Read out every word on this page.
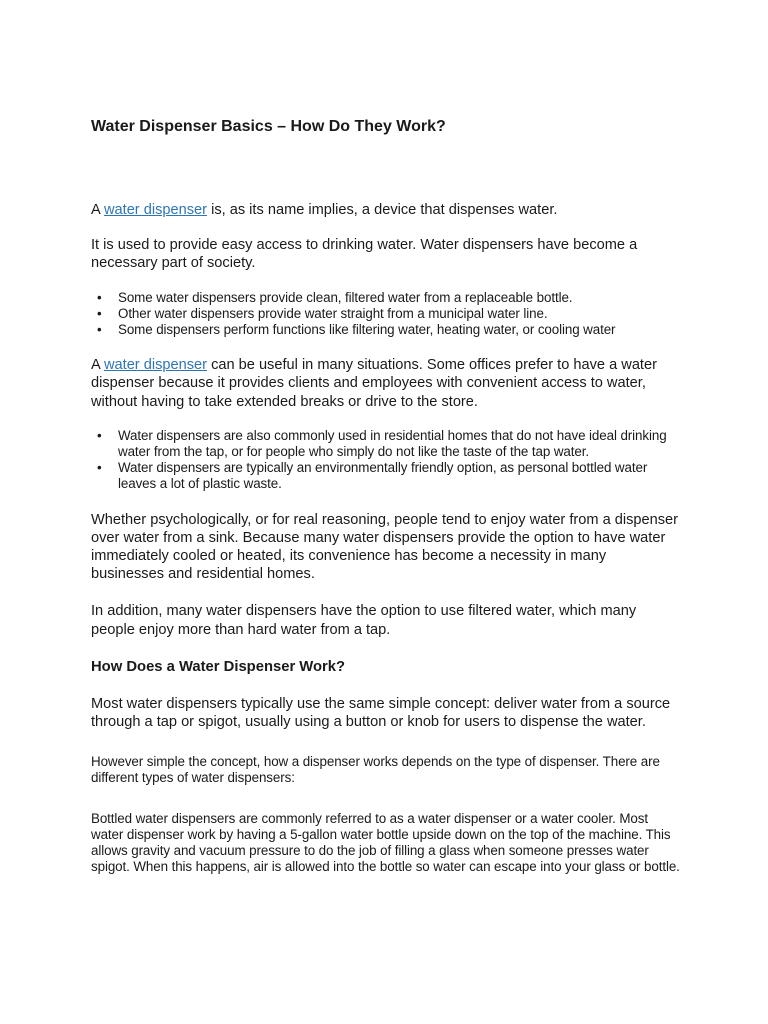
Water Dispenser Basics – How Do They Work?

A water dispenser is, as its name implies, a device that dispenses water.

It is used to provide easy access to drinking water. Water dispensers have become a necessary part of society.

• Some water dispensers provide clean, filtered water from a replaceable bottle.
• Other water dispensers provide water straight from a municipal water line.
• Some dispensers perform functions like filtering water, heating water, or cooling water

A water dispenser can be useful in many situations. Some offices prefer to have a water dispenser because it provides clients and employees with convenient access to water, without having to take extended breaks or drive to the store.

• Water dispensers are also commonly used in residential homes that do not have ideal drinking water from the tap, or for people who simply do not like the taste of the tap water.
• Water dispensers are typically an environmentally friendly option, as personal bottled water leaves a lot of plastic waste.

Whether psychologically, or for real reasoning, people tend to enjoy water from a dispenser over water from a sink. Because many water dispensers provide the option to have water immediately cooled or heated, its convenience has become a necessity in many businesses and residential homes.

In addition, many water dispensers have the option to use filtered water, which many people enjoy more than hard water from a tap.

How Does a Water Dispenser Work?

Most water dispensers typically use the same simple concept: deliver water from a source through a tap or spigot, usually using a button or knob for users to dispense the water.

However simple the concept, how a dispenser works depends on the type of dispenser. There are different types of water dispensers:

Bottled water dispensers are commonly referred to as a water dispenser or a water cooler. Most water dispenser work by having a 5-gallon water bottle upside down on the top of the machine. This allows gravity and vacuum pressure to do the job of filling a glass when someone presses water spigot. When this happens, air is allowed into the bottle so water can escape into your glass or bottle.
